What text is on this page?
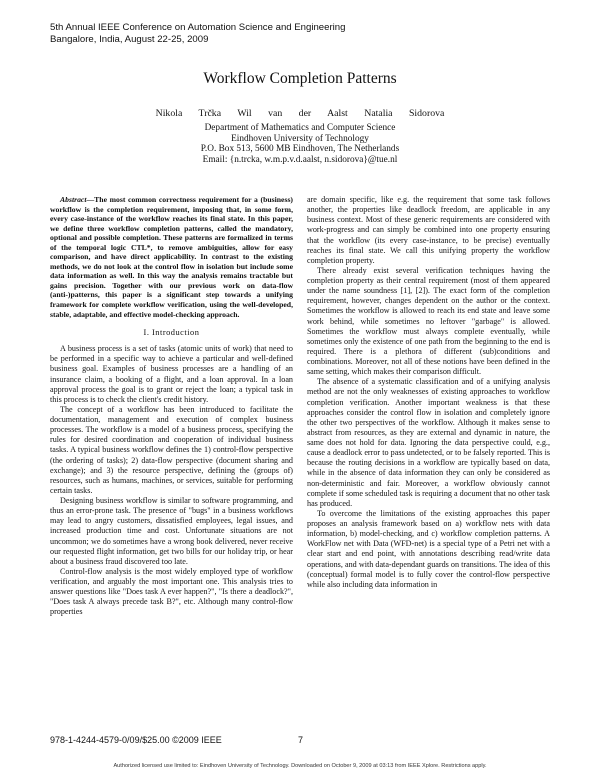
5th Annual IEEE Conference on Automation Science and Engineering
Bangalore, India, August 22-25, 2009
Workflow Completion Patterns
Nikola Trčka Wil van der Aalst Natalia Sidorova
Department of Mathematics and Computer Science
Eindhoven University of Technology
P.O. Box 513, 5600 MB Eindhoven, The Netherlands
Email: {n.trcka, w.m.p.v.d.aalst, n.sidorova}@tue.nl

Abstract—The most common correctness requirement for a (business) workflow is the completion requirement, imposing that, in some form, every case-instance of the workflow reaches its final state. In this paper, we define three workflow completion patterns, called the mandatory, optional and possible completion. These patterns are formalized in terms of the temporal logic CTL*, to remove ambiguities, allow for easy comparison, and have direct applicability. In contrast to the existing methods, we do not look at the control flow in isolation but include some data information as well. In this way the analysis remains tractable but gains precision. Together with our previous work on data-flow (anti-)patterns, this paper is a significant step towards a unifying framework for complete workflow verification, using the well-developed, stable, adaptable, and effective model-checking approach.

I. Introduction

A business process is a set of tasks (atomic units of work) that need to be performed in a specific way to achieve a particular and well-defined business goal. Examples of business processes are a handling of an insurance claim, a booking of a flight, and a loan approval. In a loan approval process the goal is to grant or reject the loan; a typical task in this process is to check the client's credit history.

The concept of a workflow has been introduced to facilitate the documentation, management and execution of complex business processes. The workflow is a model of a business process, specifying the rules for desired coordination and cooperation of individual business tasks. A typical business workflow defines the 1) control-flow perspective (the ordering of tasks); 2) data-flow perspective (document sharing and exchange); and 3) the resource perspective, defining the (groups of) resources, such as humans, machines, or services, suitable for performing certain tasks.

Designing business workflow is similar to software programming, and thus an error-prone task. The presence of "bugs" in a business workflows may lead to angry customers, dissatisfied employees, legal issues, and increased production time and cost. Unfortunate situations are not uncommon; we do sometimes have a wrong book delivered, never receive our requested flight information, get two bills for our holiday trip, or hear about a business fraud discovered too late.

Control-flow analysis is the most widely employed type of workflow verification, and arguably the most important one. This analysis tries to answer questions like "Does task A ever happen?", "Is there a deadlock?", "Does task A always precede task B?", etc. Although many control-flow properties

are domain specific, like e.g. the requirement that some task follows another, the properties like deadlock freedom, are applicable in any business context. Most of these generic requirements are considered with work-progress and can simply be combined into one property ensuring that the workflow (its every case-instance, to be precise) eventually reaches its final state. We call this unifying property the workflow completion property.

There already exist several verification techniques having the completion property as their central requirement (most of them appeared under the name soundness [1], [2]). The exact form of the completion requirement, however, changes dependent on the author or the context. Sometimes the workflow is allowed to reach its end state and leave some work behind, while sometimes no leftover "garbage" is allowed. Sometimes the workflow must always complete eventually, while sometimes only the existence of one path from the beginning to the end is required. There is a plethora of different (sub)conditions and combinations. Moreover, not all of these notions have been defined in the same setting, which makes their comparison difficult.

The absence of a systematic classification and of a unifying analysis method are not the only weaknesses of existing approaches to workflow completion verification. Another important weakness is that these approaches consider the control flow in isolation and completely ignore the other two perspectives of the workflow. Although it makes sense to abstract from resources, as they are external and dynamic in nature, the same does not hold for data. Ignoring the data perspective could, e.g., cause a deadlock error to pass undetected, or to be falsely reported. This is because the routing decisions in a workflow are typically based on data, while in the absence of data information they can only be considered as non-deterministic and fair. Moreover, a workflow obviously cannot complete if some scheduled task is requiring a document that no other task has produced.

To overcome the limitations of the existing approaches this paper proposes an analysis framework based on a) workflow nets with data information, b) model-checking, and c) workflow completion patterns. A WorkFlow net with Data (WFD-net) is a special type of a Petri net with a clear start and end point, with annotations describing read/write data operations, and with data-dependant guards on transitions. The idea of this (conceptual) formal model is to fully cover the control-flow perspective while also including data information in

978-1-4244-4579-0/09/$25.00 ©2009 IEEE	7
Authorized licensed use limited to: Eindhoven University of Technology. Downloaded on October 9, 2009 at 03:13 from IEEE Xplore. Restrictions apply.
